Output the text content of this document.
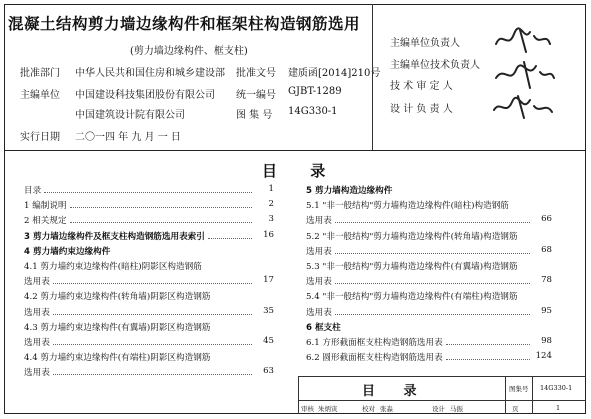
混凝土结构剪力墙边缘构件和框架柱构造钢筋选用
(剪力墙边缘构件、框支柱)
批准部门 中华人民共和国住房和城乡建设部 批准文号 建质函[2014]210号
主编单位 中国建设科技集团股份有限公司 统一编号 GJBT-1289
中国建筑设计院有限公司	图 集 号 14G330-1
实行日期 二〇一四 年 九 月 一 日
主编单位负责人
主编单位技术负责人
技 术 审 定 人
设 计 负 责 人
目 录
目录	1
1 编制说明	2
2 相关规定	3
3 剪力墙边缘构件及框支柱构造钢筋选用表索引	16
4 剪力墙约束边缘构件
4.1 剪力墙约束边缘构件(暗柱)阴影区构造钢筋
选用表	17
4.2 剪力墙约束边缘构件(转角墙)阴影区构造钢筋
选用表	35
4.3 剪力墙约束边缘构件(有翼墙)阴影区构造钢筋
选用表	45
4.4 剪力墙约束边缘构件(有端柱)阴影区构造钢筋
选用表	63
5 剪力墙构造边缘构件
5.1 "非一般结构"剪力墙构造边缘构件(暗柱)构造钢筋
选用表	66
5.2 "非一般结构"剪力墙构造边缘构件(转角墙)构造钢筋
选用表	68
5.3 "非一般结构"剪力墙构造边缘构件(有翼墙)构造钢筋
选用表	78
5.4 "非一般结构"剪力墙构造边缘构件(有端柱)构造钢筋
选用表	95
6 框支柱
6.1 方形截面框支柱构造钢筋选用表	98
6.2 圆形截面框支柱构造钢筋选用表	124
目 录	图集号 14G330-1
审核 朱炳寅	校对 张淼	设计 马振	页	1
